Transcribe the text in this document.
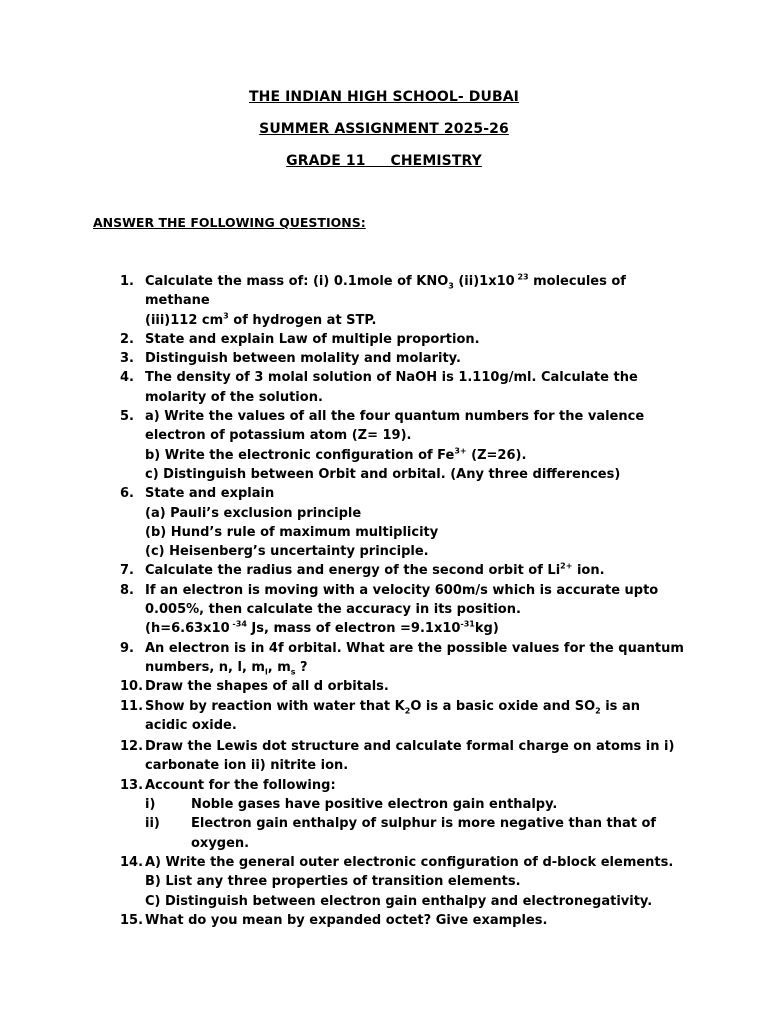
THE INDIAN HIGH SCHOOL- DUBAI
SUMMER ASSIGNMENT 2025-26
GRADE 11 CHEMISTRY
ANSWER THE FOLLOWING QUESTIONS:
1. Calculate the mass of: (i) 0.1mole of $KNO_3$ (ii)1x10 $^{23}$ molecules of methane
(iii)112 $cm^3$ of hydrogen at STP.
2. State and explain Law of multiple proportion.
3. Distinguish between molality and molarity.
4. The density of 3 molal solution of NaOH is 1.110g/ml. Calculate the molarity of the solution.
5. a) Write the values of all the four quantum numbers for the valence electron of potassium atom (Z= 19).
b) Write the electronic configuration of $Fe^{3+}$ (Z=26).
c) Distinguish between Orbit and orbital. (Any three differences)
6. State and explain
(a) Pauli’s exclusion principle
(b) Hund’s rule of maximum multiplicity
(c) Heisenberg’s uncertainty principle.
7. Calculate the radius and energy of the second orbit of $Li^{2+}$ ion.
8. If an electron is moving with a velocity 600m/s which is accurate upto 0.005%, then calculate the accuracy in its position.
(h=6.63x10 $^{-34}$ Js, mass of electron $=9.1x10^{-31}kg$)
9. An electron is in 4f orbital. What are the possible values for the quantum
numbers, n, l, $m_l$, $m_s$ ?
10. Draw the shapes of all d orbitals.
11. Show by reaction with water that $K_2O$ is a basic oxide and $SO_2$ is an acidic oxide.
12. Draw the Lewis dot structure and calculate formal charge on atoms in i) carbonate ion ii) nitrite ion.
13. Account for the following:
i)	Noble gases have positive electron gain enthalpy.
ii) Electron gain enthalpy of sulphur is more negative than that of oxygen.
14. A) Write the general outer electronic configuration of d-block elements.
B) List any three properties of transition elements.
C) Distinguish between electron gain enthalpy and electronegativity.
15. What do you mean by expanded octet? Give examples.
